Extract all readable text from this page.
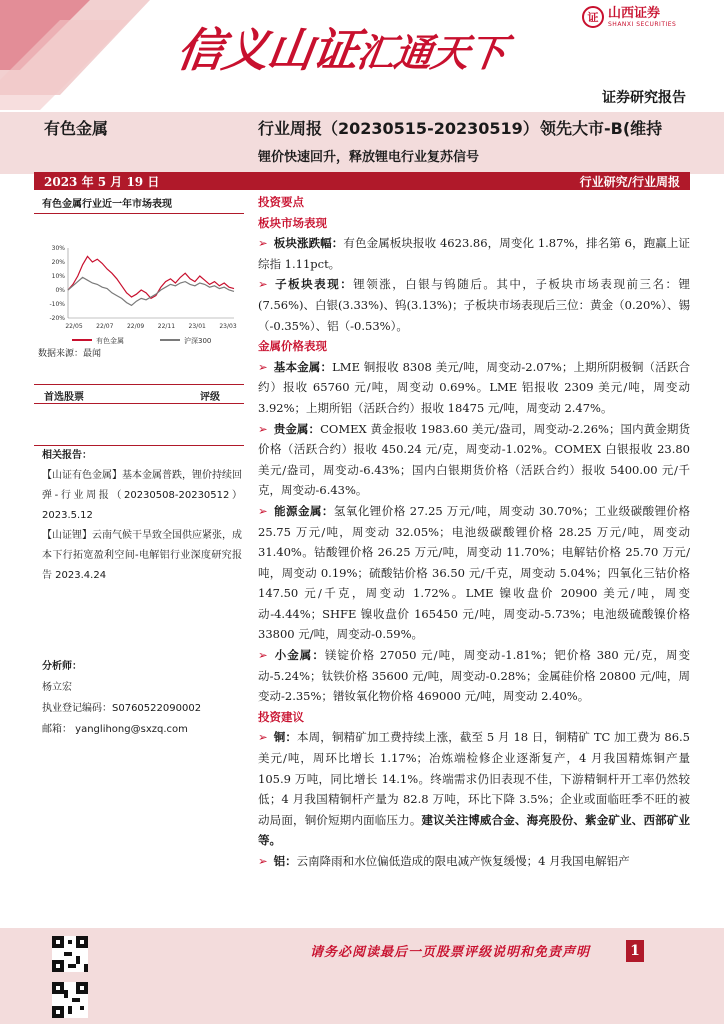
信义山证汇通天下
证 山西证券
SHANXI SECURITIES
证券研究报告
有色金属	行业周报（20230515-20230519） 领先大市-B(维持
锂价快速回升，释放锂电行业复苏信号
2023 年 5 月 19 日	行业研究/行业周报
有色金属行业近一年市场表现
30%
20%
10%
0%
-10%
-20%
22/05 22/07 22/09 22/11 23/01 23/03
有色金属	沪深300
数据来源：最闻
首选股票	评级
相关报告：
【山证有色金属】基本金属普跌，锂价持续回弹-行业周报（20230508-20230512） 2023.5.12
【山证锂】云南气候干旱致全国供应紧张，成本下行拓宽盈利空间-电解铝行业深度研究报告 2023.4.24
分析师：
杨立宏
执业登记编码：S0760522090002
邮箱： yanglihong@sxzq.com
投资要点
板块市场表现
➢ 板块涨跌幅：有色金属板块报收 4623.86，周变化 1.87%，排名第 6，跑赢上证综指 1.11pct。
➢ 子板块表现：锂领涨，白银与钨随后。其中，子板块市场表现前三名：锂(7.56%)、白银(3.33%)、钨(3.13%)；子板块市场表现后三位：黄金（0.20%）、锡（-0.35%）、铝（-0.53%）。
金属价格表现
➢ 基本金属：LME 铜报收 8308 美元/吨，周变动-2.07%；上期所阴极铜（活跃合约）报收 65760 元/吨，周变动 0.69%。LME 铝报收 2309 美元/吨，周变动 3.92%；上期所铝（活跃合约）报收 18475 元/吨，周变动 2.47%。
➢ 贵金属：COMEX 黄金报收 1983.60 美元/盎司，周变动-2.26%；国内黄金期货价格（活跃合约）报收 450.24 元/克，周变动-1.02%。COMEX 白银报收 23.80 美元/盎司，周变动-6.43%；国内白银期货价格（活跃合约）报收 5400.00 元/千克，周变动-6.43%。
➢ 能源金属：氢氧化锂价格 27.25 万元/吨，周变动 30.70%；工业级碳酸锂价格 25.75 万元/吨，周变动 32.05%；电池级碳酸锂价格 28.25 万元/吨，周变动 31.40%。钴酸锂价格 26.25 万元/吨，周变动 11.70%；电解钴价格 25.70 万元/吨，周变动 0.19%；硫酸钴价格 36.50 元/千克，周变动 5.04%；四氧化三钴价格 147.50 元/千克，周变动 1.72%。LME 镍收盘价 20900 美元/吨，周变动-4.44%；SHFE 镍收盘价 165450 元/吨，周变动-5.73%；电池级硫酸镍价格 33800 元/吨，周变动-0.59%。
➢ 小金属：镁锭价格 27050 元/吨，周变动-1.81%；钯价格 380 元/克，周变动-5.24%；钛铁价格 35600 元/吨，周变动-0.28%；金属硅价格 20800 元/吨，周变动-2.35%；镨钕氧化物价格 469000 元/吨，周变动 2.40%。
投资建议
➢ 铜：本周，铜精矿加工费持续上涨，截至 5 月 18 日，铜精矿 TC 加工费为 86.5 美元/吨，周环比增长 1.17%；冶炼端检修企业逐渐复产，4 月我国精炼铜产量 105.9 万吨，同比增长 14.1%。终端需求仍旧表现不佳，下游精铜杆开工率仍然较低；4 月我国精铜杆产量为 82.8 万吨，环比下降 3.5%；企业或面临旺季不旺的被动局面，铜价短期内面临压力。建议关注博威合金、海亮股份、紫金矿业、西部矿业等。
➢ 铝：云南降雨和水位偏低造成的限电减产恢复缓慢；4 月我国电解铝产
请务必阅读最后一页股票评级说明和免责声明	1
